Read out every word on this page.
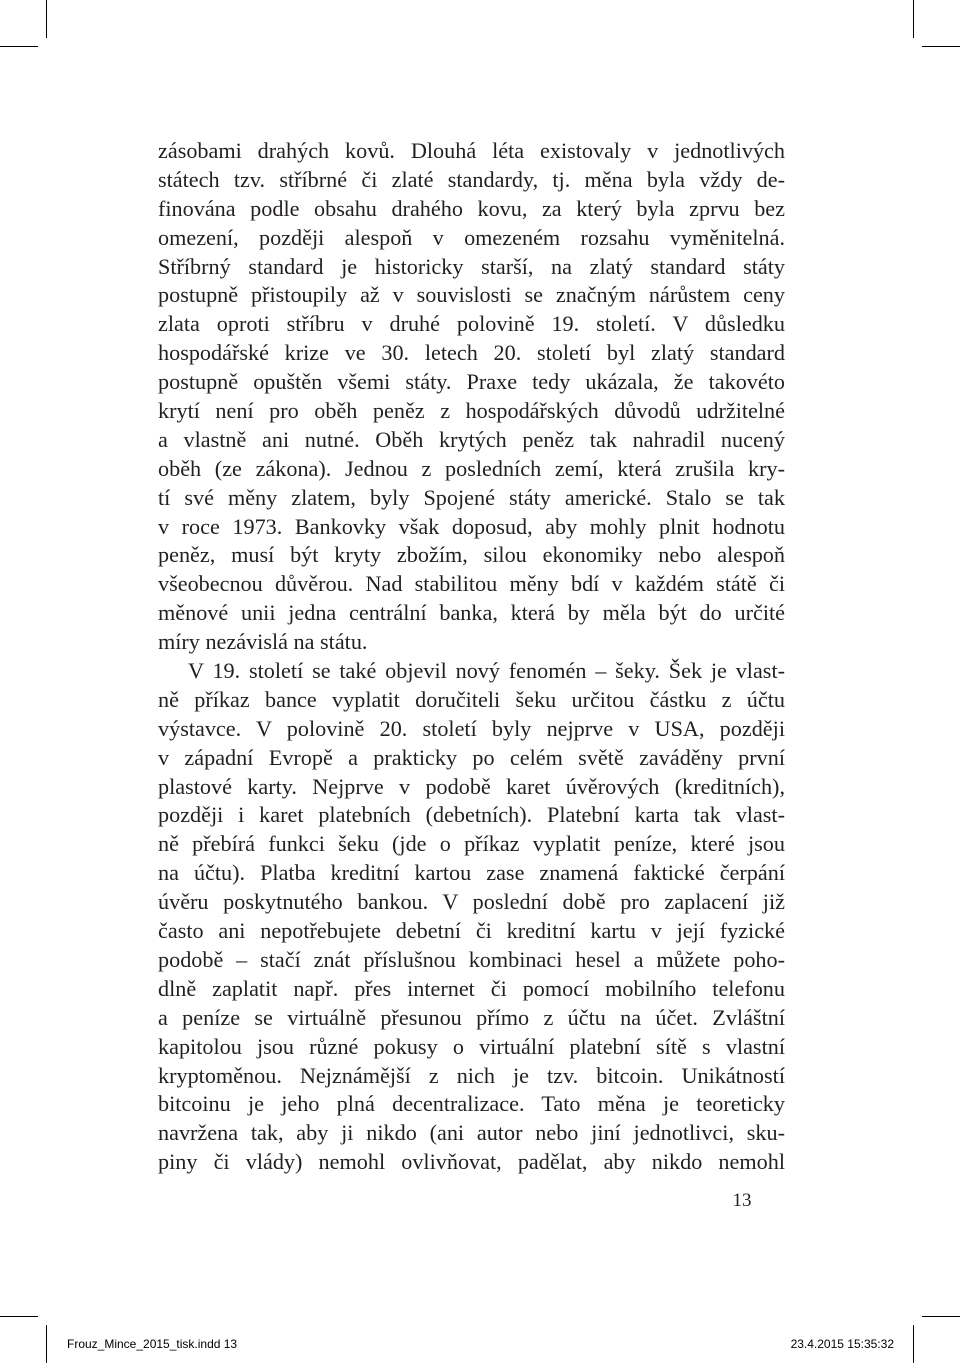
zásobami drahých kovů. Dlouhá léta existovaly v jednotlivých
státech tzv. stříbrné či zlaté standardy, tj. měna byla vždy de-
finována podle obsahu drahého kovu, za který byla zprvu bez
omezení, později alespoň v omezeném rozsahu vyměnitelná.
Stříbrný standard je historicky starší, na zlatý standard státy
postupně přistoupily až v souvislosti se značným nárůstem ceny
zlata oproti stříbru v druhé polovině 19. století. V důsledku
hospodářské krize ve 30. letech 20. století byl zlatý standard
postupně opuštěn všemi státy. Praxe tedy ukázala, že takovéto
krytí není pro oběh peněz z hospodářských důvodů udržitelné
a vlastně ani nutné. Oběh krytých peněz tak nahradil nucený
oběh (ze zákona). Jednou z posledních zemí, která zrušila kry-
tí své měny zlatem, byly Spojené státy americké. Stalo se tak
v roce 1973. Bankovky však doposud, aby mohly plnit hodnotu
peněz, musí být kryty zbožím, silou ekonomiky nebo alespoň
všeobecnou důvěrou. Nad stabilitou měny bdí v každém státě či
měnové unii jedna centrální banka, která by měla být do určité
míry nezávislá na státu.
V 19. století se také objevil nový fenomén – šeky. Šek je vlast-
ně příkaz bance vyplatit doručiteli šeku určitou částku z účtu
výstavce. V polovině 20. století byly nejprve v USA, později
v západní Evropě a prakticky po celém světě zaváděny první
plastové karty. Nejprve v podobě karet úvěrových (kreditních),
později i karet platebních (debetních). Platební karta tak vlast-
ně přebírá funkci šeku (jde o příkaz vyplatit peníze, které jsou
na účtu). Platba kreditní kartou zase znamená faktické čerpání
úvěru poskytnutého bankou. V poslední době pro zaplacení již
často ani nepotřebujete debetní či kreditní kartu v její fyzické
podobě – stačí znát příslušnou kombinaci hesel a můžete poho-
dlně zaplatit např. přes internet či pomocí mobilního telefonu
a peníze se virtuálně přesunou přímo z účtu na účet. Zvláštní
kapitolou jsou různé pokusy o virtuální platební sítě s vlastní
kryptoměnou. Nejznámější z nich je tzv. bitcoin. Unikátností
bitcoinu je jeho plná decentralizace. Tato měna je teoreticky
navržena tak, aby ji nikdo (ani autor nebo jiní jednotlivci, sku-
piny či vlády) nemohl ovlivňovat, padělat, aby nikdo nemohl
13
Frouz_Mince_2015_tisk.indd 13	23.4.2015 15:35:32
